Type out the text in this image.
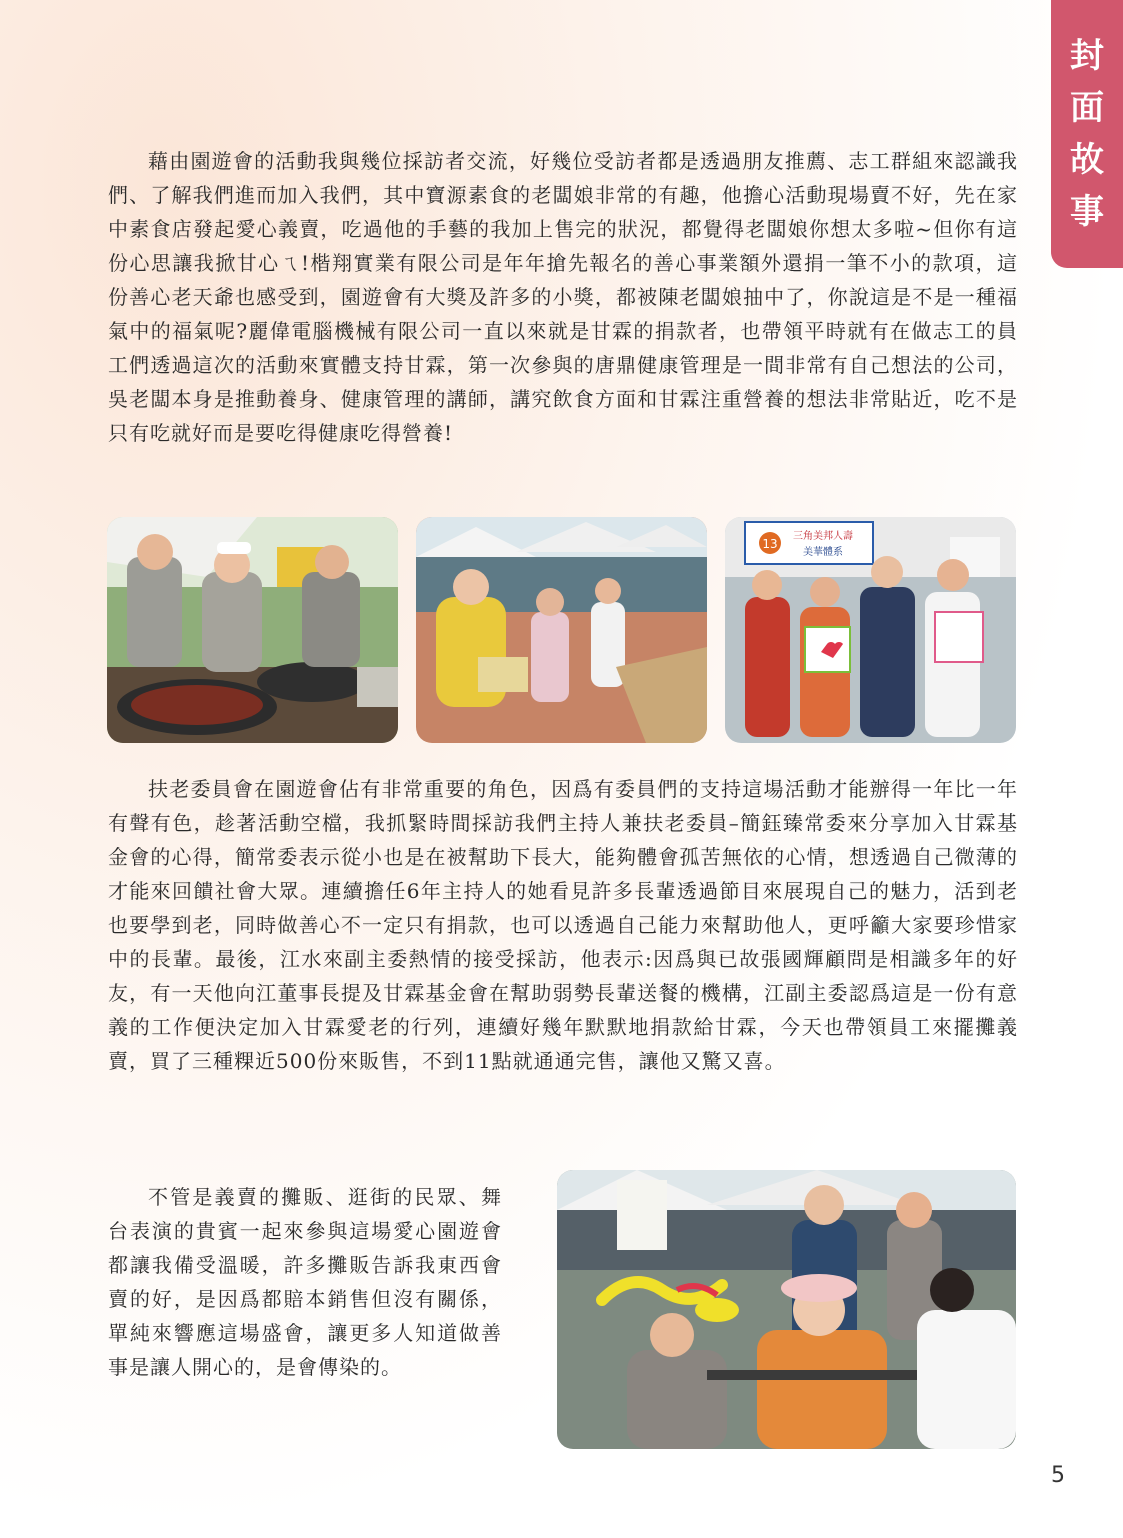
封
面
故
事

藉由園遊會的活動我與幾位採訪者交流，好幾位受訪者都是透過朋友推薦、志工群組來認識我們、了解我們進而加入我們，其中寶源素食的老闆娘非常的有趣，他擔心活動現場賣不好，先在家中素食店發起愛心義賣，吃過他的手藝的我加上售完的狀況，都覺得老闆娘你想太多啦~但你有這份心思讓我掀甘心ㄟ!楷翔實業有限公司是年年搶先報名的善心事業額外還捐一筆不小的款項，這份善心老天爺也感受到，園遊會有大獎及許多的小獎，都被陳老闆娘抽中了，你說這是不是一種福氣中的福氣呢?麗偉電腦機械有限公司一直以來就是甘霖的捐款者，也帶領平時就有在做志工的員工們透過這次的活動來實體支持甘霖，第一次參與的唐鼎健康管理是一間非常有自己想法的公司，吳老闆本身是推動養身、健康管理的講師，講究飲食方面和甘霖注重營養的想法非常貼近，吃不是只有吃就好而是要吃得健康吃得營養!

13
三角美邦人壽
美華體系

扶老委員會在園遊會佔有非常重要的角色，因爲有委員們的支持這場活動才能辦得一年比一年有聲有色，趁著活動空檔，我抓緊時間採訪我們主持人兼扶老委員–簡鈺臻常委來分享加入甘霖基金會的心得，簡常委表示從小也是在被幫助下長大，能夠體會孤苦無依的心情，想透過自己微薄的才能來回饋社會大眾。連續擔任6年主持人的她看見許多長輩透過節目來展現自己的魅力，活到老也要學到老，同時做善心不一定只有捐款，也可以透過自己能力來幫助他人，更呼籲大家要珍惜家中的長輩。最後，江水來副主委熱情的接受採訪，他表示:因爲與已故張國輝顧問是相識多年的好友，有一天他向江董事長提及甘霖基金會在幫助弱勢長輩送餐的機構，江副主委認爲這是一份有意義的工作便決定加入甘霖愛老的行列，連續好幾年默默地捐款給甘霖，今天也帶領員工來擺攤義賣，買了三種粿近500份來販售，不到11點就通通完售，讓他又驚又喜。

不管是義賣的攤販、逛街的民眾、舞台表演的貴賓一起來參與這場愛心園遊會都讓我備受溫暖，許多攤販告訴我東西會賣的好，是因爲都賠本銷售但沒有關係，單純來響應這場盛會，讓更多人知道做善事是讓人開心的，是會傳染的。

5
